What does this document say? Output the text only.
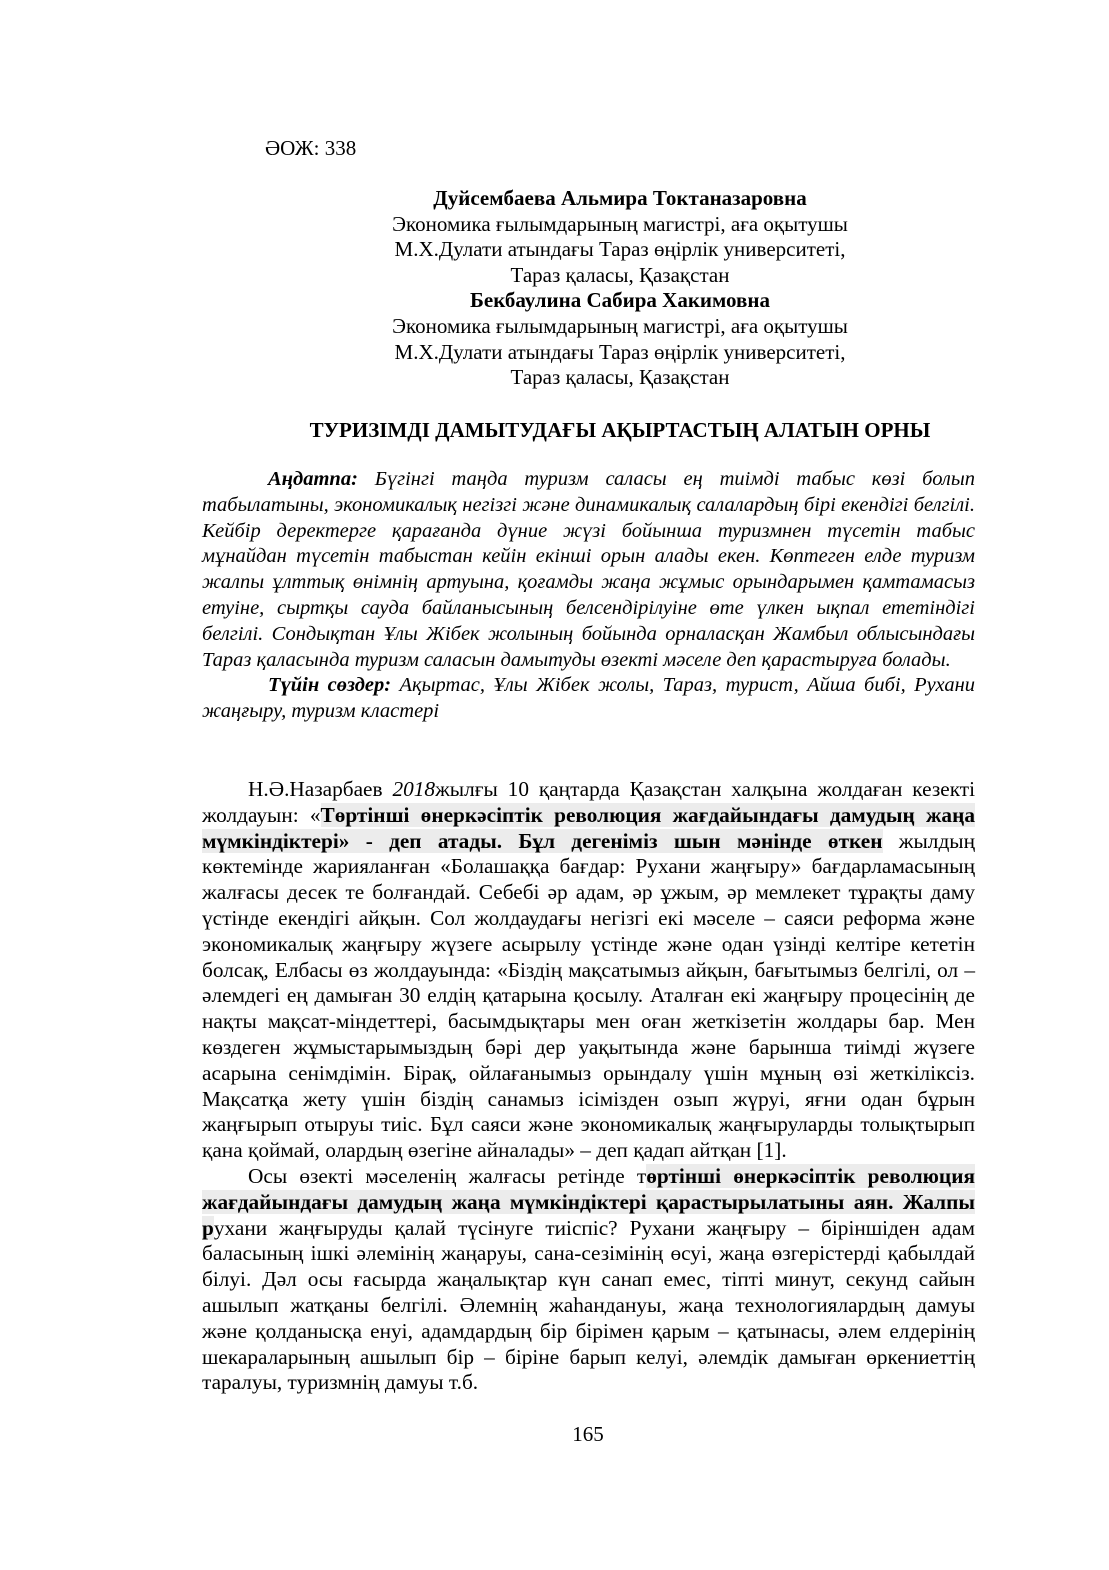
ӘОЖ: 338
Дуйсембаева Альмира Токтаназаровна
Экономика ғылымдарының магистрі, аға оқытушы
М.Х.Дулати атындағы Тараз өңірлік университеті,
Тараз қаласы, Қазақстан
Бекбаулина Сабира Хакимовна
Экономика ғылымдарының магистрі, аға оқытушы
М.Х.Дулати атындағы Тараз өңірлік университеті,
Тараз қаласы, Қазақстан
ТУРИЗІМДІ ДАМЫТУДАҒЫ АҚЫРТАСТЫҢ АЛАТЫН ОРНЫ

Аңдатпа: Бүгінгі таңда туризм саласы ең тиімді табыс көзі болып табылатыны, экономикалық негізгі және динамикалық салалардың бірі екендігі белгілі. Кейбір деректерге қарағанда дүние жүзі бойынша туризмнен түсетін табыс мұнайдан түсетін табыстан кейін екінші орын алады екен. Көптеген елде туризм жалпы ұлттық өнімнің артуына, қоғамды жаңа жұмыс орындарымен қамтамасыз етуіне, сыртқы сауда байланысының белсендірілуіне өте үлкен ықпал ететіндігі белгілі. Сондықтан Ұлы Жібек жолының бойында орналасқан Жамбыл облысындағы Тараз қаласында туризм саласын дамытуды өзекті мәселе деп қарастыруға болады.

Түйін сөздер: Ақыртас, Ұлы Жібек жолы, Тараз, турист, Айша бибі, Рухани жаңғыру, туризм кластері

Н.Ә.Назарбаев 2018жылғы 10 қаңтарда Қазақстан халқына жолдаған кезекті жолдауын: «Төртінші өнеркәсіптік революция жағдайындағы дамудың жаңа мүмкіндіктері» - деп атады. Бұл дегеніміз шын мәнінде өткен жылдың көктемінде жарияланған «Болашаққа бағдар: Рухани жаңғыру» бағдарламасының жалғасы десек те болғандай. Себебі әр адам, әр ұжым, әр мемлекет тұрақты даму үстінде екендігі айқын. Сол жолдаудағы негізгі екі мәселе – саяси реформа және экономикалық жаңғыру жүзеге асырылу үстінде және одан үзінді келтіре кететін болсақ, Елбасы өз жолдауында: «Біздің мақсатымыз айқын, бағытымыз белгілі, ол – әлемдегі ең дамыған 30 елдің қатарына қосылу. Аталған екі жаңғыру процесінің де нақты мақсат-міндеттері, басымдықтары мен оған жеткізетін жолдары бар. Мен көздеген жұмыстарымыздың бәрі дер уақытында және барынша тиімді жүзеге асарына сенімдімін. Бірақ, ойлағанымыз орындалу үшін мұның өзі жеткіліксіз. Мақсатқа жету үшін біздің санамыз ісімізден озып жүруі, яғни одан бұрын жаңғырып отыруы тиіс. Бұл саяси және экономикалық жаңғыруларды толықтырып қана қоймай, олардың өзегіне айналады» – деп қадап айтқан [1].

Осы өзекті мәселенің жалғасы ретінде төртінші өнеркәсіптік революция жағдайындағы дамудың жаңа мүмкіндіктері қарастырылатыны аян. Жалпы рухани жаңғыруды қалай түсінуге тиіспіс? Рухани жаңғыру – біріншіден адам баласының ішкі әлемінің жаңаруы, сана-сезімінің өсуі, жаңа өзгерістерді қабылдай білуі. Дәл осы ғасырда жаңалықтар күн санап емес, тіпті минут, секунд сайын ашылып жатқаны белгілі. Әлемнің жаһандануы, жаңа технологиялардың дамуы және қолданысқа енуі, адамдардың бір бірімен қарым – қатынасы, әлем елдерінің шекараларының ашылып бір – біріне барып келуі, әлемдік дамыған өркениеттің таралуы, туризмнің дамуы т.б.

165
